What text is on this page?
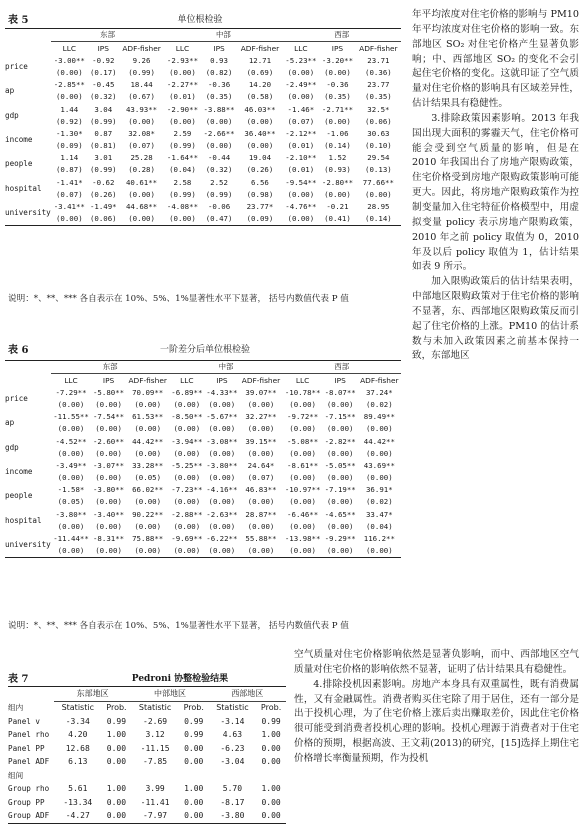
表 5	单位根检验
	东部			中部			西部		
	LLC	IPS	ADF-fisher	LLC	IPS	ADF-fisher	LLC	IPS	ADF-fisher
	-3.00**	-0.92	9.26	-2.93**	0.93	12.71	-5.23**	-3.20**	23.71
price	(0.00)	(0.17)	(0.99)	(0.00)	(0.82)	(0.69)	(0.00)	(0.00)	(0.36)
	-2.85**	-0.45	18.44	-2.27**	-0.36	14.20	-2.49**	-0.36	23.77
ap	(0.00)	(0.32)	(0.67)	(0.01)	(0.35)	(0.58)	(0.00)	(0.35)	(0.35)
	1.44	3.04	43.93**	-2.90**	-3.88**	46.03**	-1.46*	-2.71**	32.5*
gdp	(0.92)	(0.99)	(0.00)	(0.00)	(0.00)	(0.00)	(0.07)	(0.00)	(0.06)
	-1.30*	0.87	32.08*	2.59	-2.66**	36.40**	-2.12**	-1.06	30.63
income	(0.09)	(0.81)	(0.07)	(0.99)	(0.00)	(0.00)	(0.01)	(0.14)	(0.10)
	1.14	3.01	25.28	-1.64**	-0.44	19.04	-2.10**	1.52	29.54
people	(0.87)	(0.99)	(0.28)	(0.04)	(0.32)	(0.26)	(0.01)	(0.93)	(0.13)
	-1.41*	-0.62	40.61**	2.58	2.52	6.56	-9.54**	-2.80**	77.66**
hospital	(0.07)	(0.26)	(0.00)	(0.99)	(0.99)	(0.98)	(0.00)	(0.00)	(0.00)
	-3.41**	-1.49*	44.68**	-4.08**	-0.06	23.77*	-4.76**	-0.21	28.95
university	(0.00)	(0.06)	(0.00)	(0.00)	(0.47)	(0.09)	(0.00)	(0.41)	(0.14)
说明：*、**、*** 各自表示在 10%、5%、1%显著性水平下显著， 括号内数值代表 P 值
表 6	一阶差分后单位根检验
	东部			中部			西部		
	LLC	IPS	ADF-fisher	LLC	IPS	ADF-fisher	LLC	IPS	ADF-fisher
	-7.29**	-5.80**	70.09**	-6.89**	-4.33**	39.07**	-10.78**	-8.07**	37.24*
price	(0.00)	(0.00)	(0.00)	(0.00)	(0.00)	(0.00)	(0.00)	(0.00)	(0.02)
	-11.55**	-7.54**	61.53**	-8.50**	-5.67**	32.27**	-9.72**	-7.15**	89.49**
ap	(0.00)	(0.00)	(0.00)	(0.00)	(0.00)	(0.00)	(0.00)	(0.00)	(0.00)
	-4.52**	-2.60**	44.42**	-3.94**	-3.08**	39.15**	-5.08**	-2.82**	44.42**
gdp	(0.00)	(0.00)	(0.00)	(0.00)	(0.00)	(0.00)	(0.00)	(0.00)	(0.00)
	-3.49**	-3.07**	33.28**	-5.25**	-3.80**	24.64*	-8.61**	-5.05**	43.69**
income	(0.00)	(0.00)	(0.05)	(0.00)	(0.00)	(0.07)	(0.00)	(0.00)	(0.00)
	-1.58*	-3.80**	66.02**	-7.23**	-4.16**	46.83**	-10.97**	-7.19**	36.91*
people	(0.05)	(0.00)	(0.00)	(0.00)	(0.00)	(0.00)	(0.00)	(0.00)	(0.02)
	-3.80**	-3.40**	90.22**	-2.88**	-2.63**	28.87**	-6.46**	-4.65**	33.47*
hospital	(0.00)	(0.00)	(0.00)	(0.00)	(0.00)	(0.00)	(0.00)	(0.00)	(0.04)
	-11.44**	-8.31**	75.88**	-9.69**	-6.22**	55.88**	-13.98**	-9.29**	116.2**
university	(0.00)	(0.00)	(0.00)	(0.00)	(0.00)	(0.00)	(0.00)	(0.00)	(0.00)
说明：*、**、*** 各自表示在 10%、5%、1%显著性水平下显著， 括号内数值代表 P 值
表 7	Pedroni 协整检验结果
	东部地区		中部地区		西部地区	
组内	Statistic	Prob.	Statistic	Prob.	Statistic	Prob.
Panel v	-3.34	0.99	-2.69	0.99	-3.14	0.99
Panel rho	4.20	1.00	3.12	0.99	4.63	1.00
Panel PP	12.68	0.00	-11.15	0.00	-6.23	0.00
Panel ADF	6.13	0.00	-7.85	0.00	-3.04	0.00
组间						
Group rho	5.61	1.00	3.99	1.00	5.70	1.00
Group PP	-13.34	0.00	-11.41	0.00	-8.17	0.00
Group ADF	-4.27	0.00	-7.97	0.00	-3.80	0.00

年平均浓度对住宅价格的影响与 PM10 年平均浓度对住宅价格的影响一致。东部地区 SO₂ 对住宅价格产生显著负影响；中、西部地区 SO₂ 的变化不会引起住宅价格的变化。这就印证了空气质量对住宅价格的影响具有区域差异性，估计结果具有稳健性。

3.排除政策因素影响。2013 年我国出现大面积的雾霾天气，住宅价格可能会受到空气质量的影响，但是在 2010 年我国出台了房地产限购政策，住宅价格受到房地产限购政策影响可能更大。因此，将房地产限购政策作为控制变量加入住宅特征价格模型中，用虚拟变量 policy 表示房地产限购政策，2010 年之前 policy 取值为 0，2010 年及以后 policy 取值为 1，估计结果如表 9 所示。

加入限购政策后的估计结果表明，中部地区限购政策对于住宅价格的影响不显著，东、西部地区限购政策反而引起了住宅价格的上涨。PM10 的估计系数与未加入政策因素之前基本保持一致，东部地区

空气质量对住宅价格影响依然是显著负影响，而中、西部地区空气质量对住宅价格的影响依然不显著，证明了估计结果具有稳健性。

4.排除投机因素影响。房地产本身具有双重属性，既有消费属性，又有金融属性。消费者购买住宅除了用于居住，还有一部分是出于投机心理，为了住宅价格上涨后卖出赚取差价，因此住宅价格很可能受到消费者投机心理的影响。投机心理源于消费者对于住宅价格的预期，根据高波、王文莉(2013)的研究，[15]选择上期住宅价格增长率衡量预期，作为投机
